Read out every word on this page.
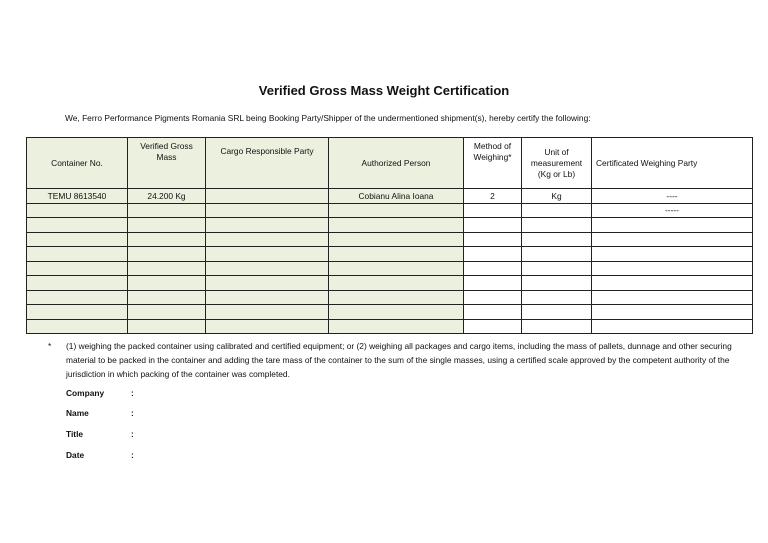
Verified Gross Mass Weight Certification
We, Ferro Performance Pigments Romania SRL being Booking Party/Shipper of the undermentioned shipment(s), hereby certify the following:
Container No.	Verified Gross Mass	Cargo Responsible Party	Authorized Person	Method of Weighing*	Unit of measurement (Kg or Lb)	Certificated Weighing Party
TEMU 8613540	24.200 Kg		Cobianu Alina Ioana	2	Kg	----
						-----

* (1) weighing the packed container using calibrated and certified equipment; or (2) weighing all packages and cargo items, including the mass of pallets, dunnage and other securing material to be packed in the container and adding the tare mass of the container to the sum of the single masses, using a certified scale approved by the competent authority of the jurisdiction in which packing of the container was completed.
Company	:
Name	:
Title	:
Date	:
